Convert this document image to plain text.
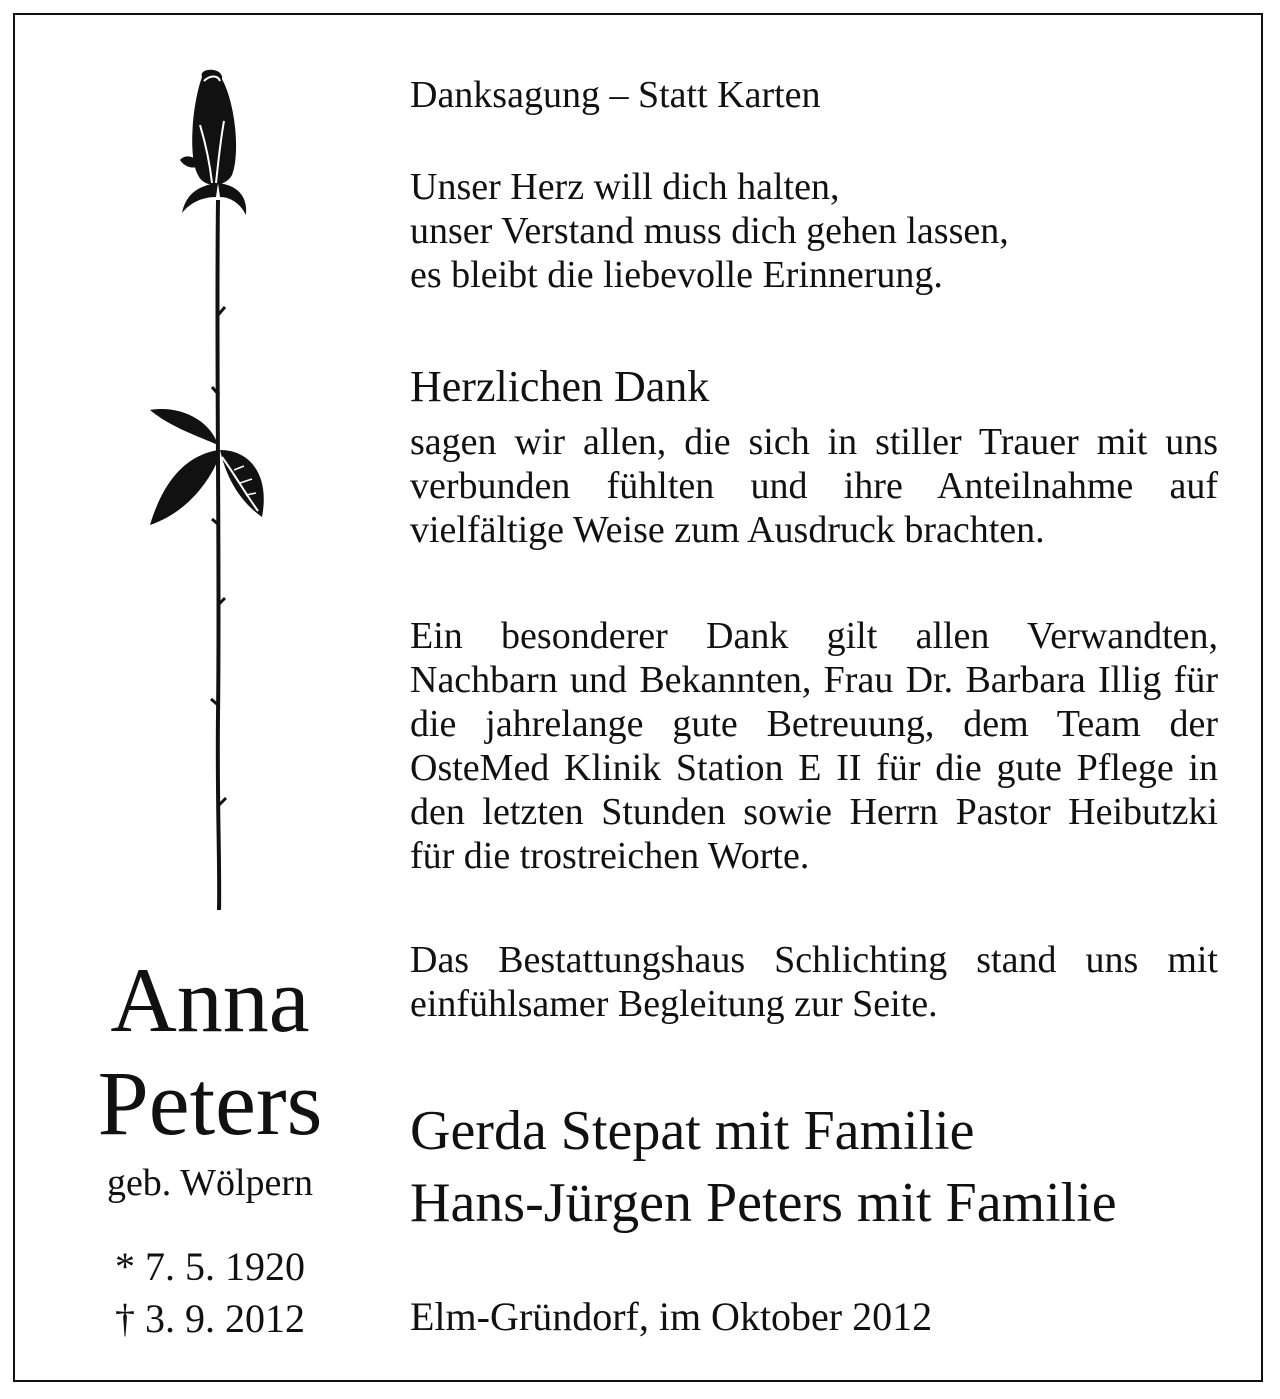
Anna
Peters
geb. Wölpern
* 7. 5. 1920
† 3. 9. 2012
Danksagung – Statt Karten
Unser Herz will dich halten,
unser Verstand muss dich gehen lassen,
es bleibt die liebevolle Erinnerung.
Herzlichen Dank
sagen wir allen, die sich in stiller Trauer mit uns verbunden fühlten und ihre Anteilnahme auf vielfältige Weise zum Ausdruck brachten.
Ein besonderer Dank gilt allen Verwandten, Nachbarn und Bekannten, Frau Dr. Barbara Illig für die jahrelange gute Betreuung, dem Team der OsteMed Klinik Station E II für die gute Pflege in den letzten Stunden sowie Herrn Pastor Heibutzki für die trostreichen Worte.
Das Bestattungshaus Schlichting stand uns mit einfühlsamer Begleitung zur Seite.
Gerda Stepat mit Familie
Hans-Jürgen Peters mit Familie
Elm-Gründorf, im Oktober 2012
